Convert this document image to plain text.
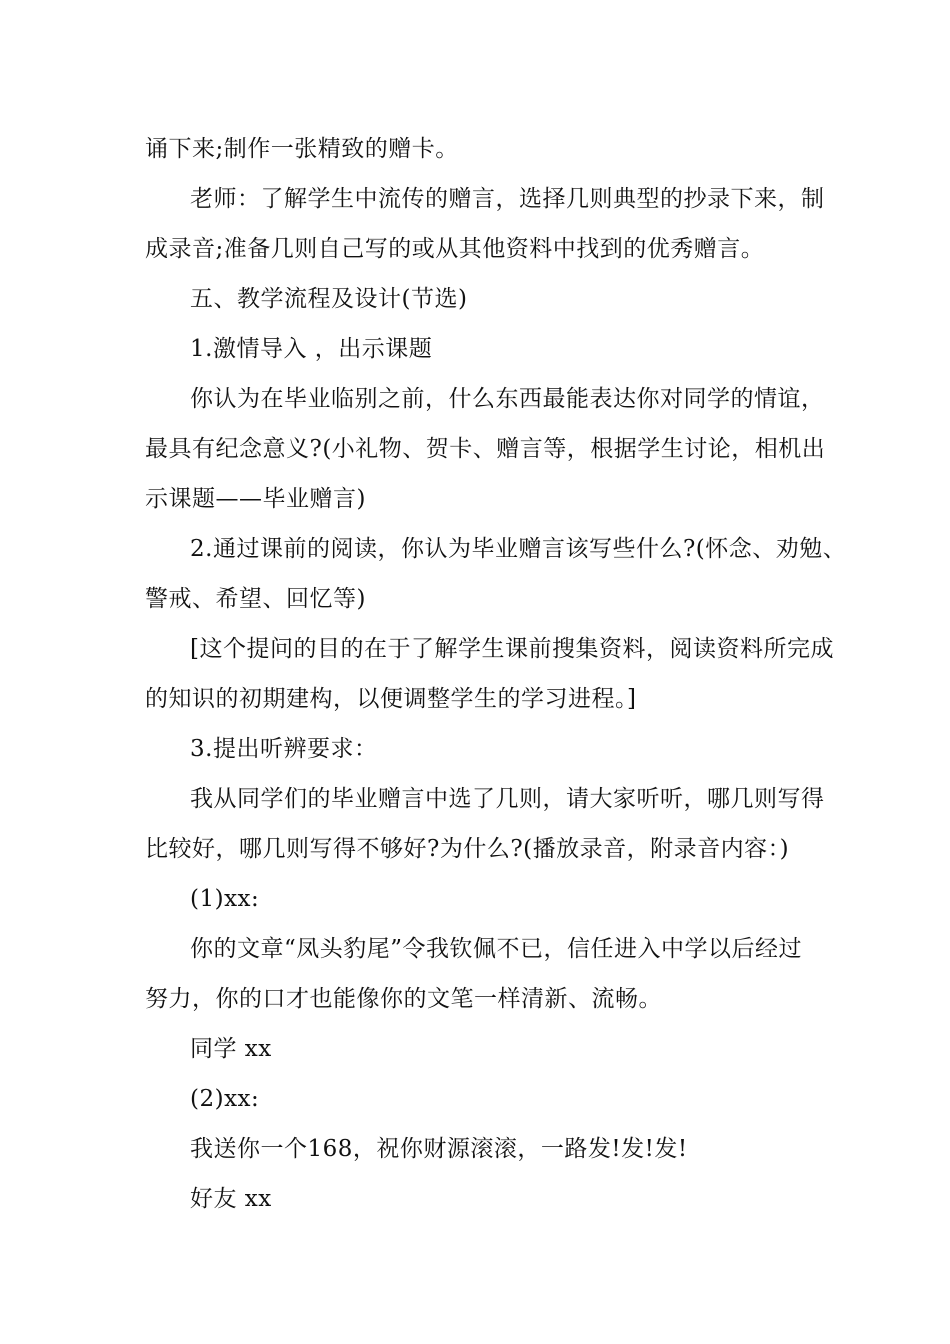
诵下来;制作一张精致的赠卡。
老师：了解学生中流传的赠言，选择几则典型的抄录下来，制
成录音;准备几则自己写的或从其他资料中找到的优秀赠言。
五、教学流程及设计(节选)
1.激情导入 ，出示课题
你认为在毕业临别之前，什么东西最能表达你对同学的情谊，
最具有纪念意义?(小礼物、贺卡、赠言等，根据学生讨论，相机出
示课题——毕业赠言)
2.通过课前的阅读，你认为毕业赠言该写些什么?(怀念、劝勉、
警戒、希望、回忆等)
[这个提问的目的在于了解学生课前搜集资料，阅读资料所完成
的知识的初期建构，以便调整学生的学习进程。]
3.提出听辨要求：
我从同学们的毕业赠言中选了几则，请大家听听，哪几则写得
比较好，哪几则写得不够好?为什么?(播放录音，附录音内容：)
(1)xx:
你的文章“凤头豹尾”令我钦佩不已，信任进入中学以后经过
努力，你的口才也能像你的文笔一样清新、流畅。
同学 xx
(2)xx:
我送你一个168，祝你财源滚滚，一路发!发!发!
好友 xx
